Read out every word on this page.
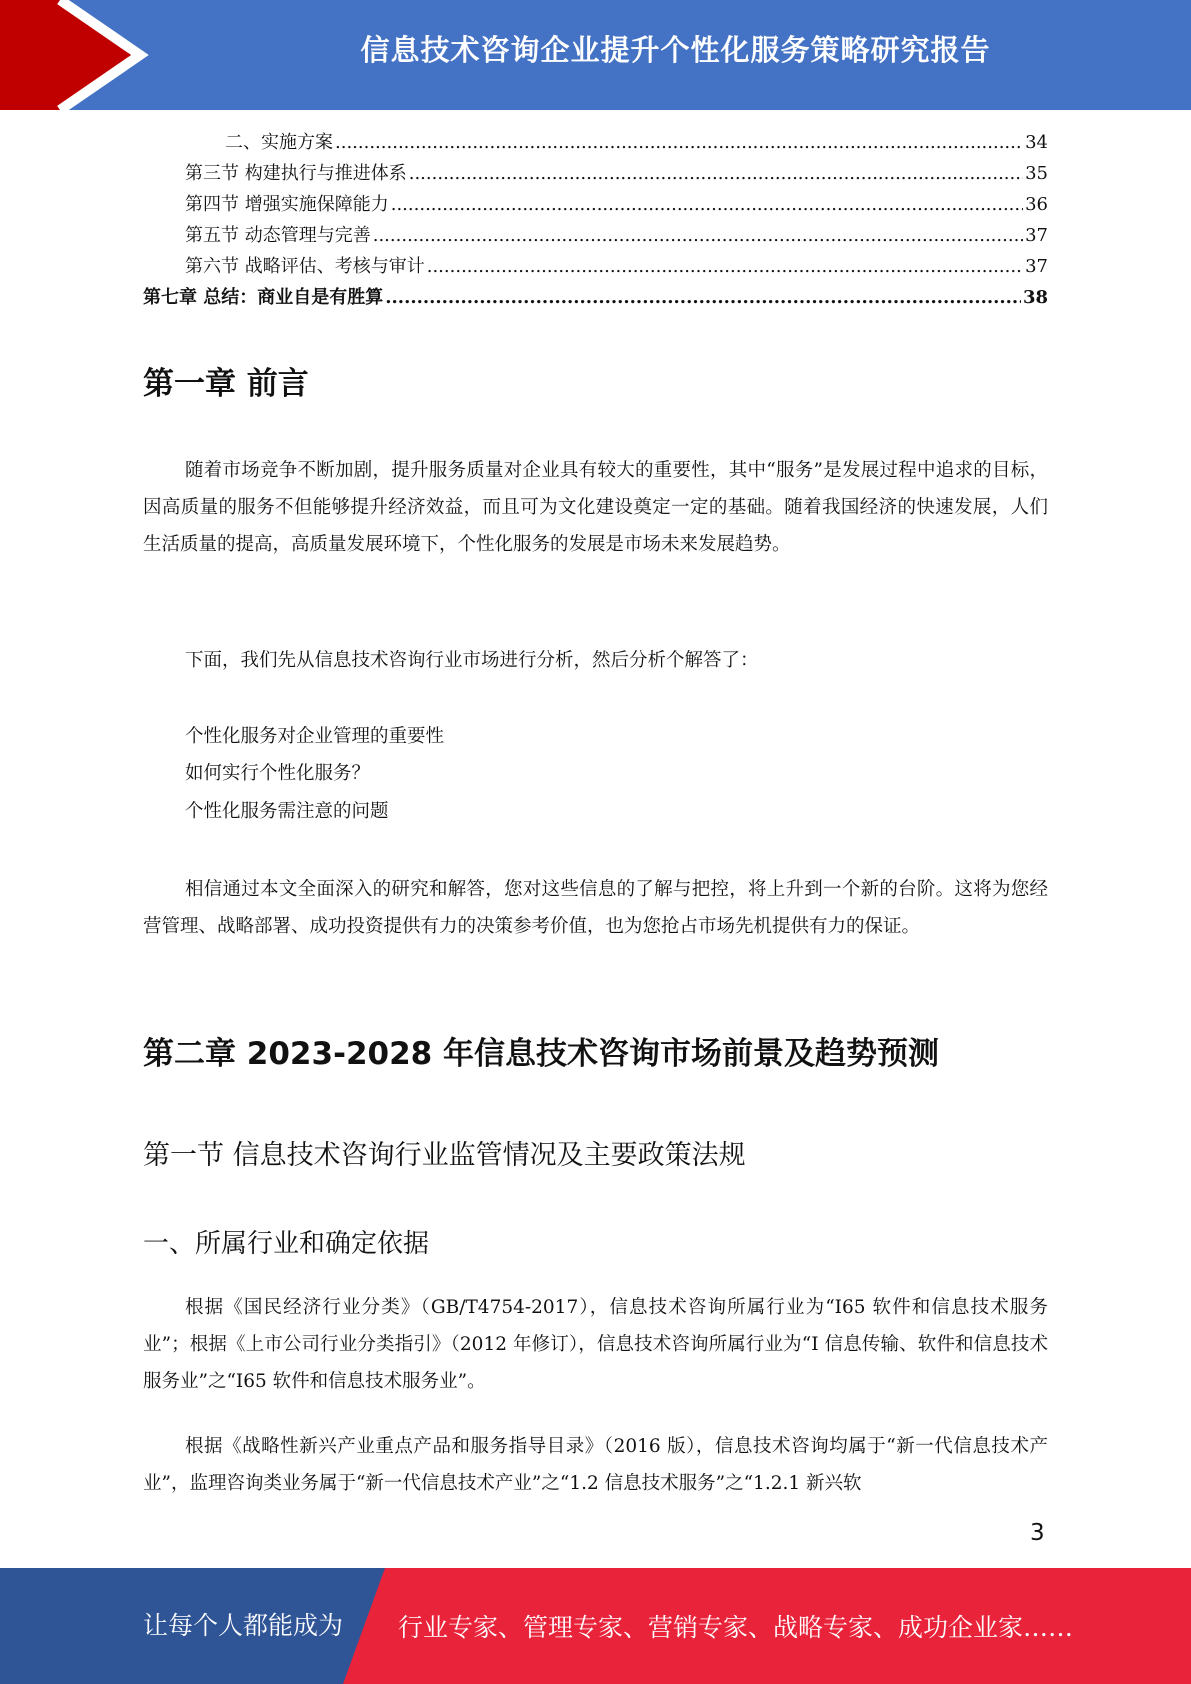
信息技术咨询企业提升个性化服务策略研究报告
二、实施方案 .....	34
第三节 构建执行与推进体系 .....	35
第四节 增强实施保障能力 .....	36
第五节 动态管理与完善 .....	37
第六节 战略评估、考核与审计 .....	37
第七章 总结：商业自是有胜算 .....	38
第一章 前言
随着市场竞争不断加剧，提升服务质量对企业具有较大的重要性，其中“服务”是发展过程中追求的目标，因高质量的服务不但能够提升经济效益，而且可为文化建设奠定一定的基础。随着我国经济的快速发展，人们生活质量的提高，高质量发展环境下，个性化服务的发展是市场未来发展趋势。
下面，我们先从信息技术咨询行业市场进行分析，然后分析个解答了：
个性化服务对企业管理的重要性
如何实行个性化服务？
个性化服务需注意的问题
相信通过本文全面深入的研究和解答，您对这些信息的了解与把控，将上升到一个新的台阶。这将为您经营管理、战略部署、成功投资提供有力的决策参考价值，也为您抢占市场先机提供有力的保证。
第二章 2023-2028 年信息技术咨询市场前景及趋势预测
第一节 信息技术咨询行业监管情况及主要政策法规
一、所属行业和确定依据
根据《国民经济行业分类》（GB/T4754-2017），信息技术咨询所属行业为“I65 软件和信息技术服务业”；根据《上市公司行业分类指引》（2012 年修订），信息技术咨询所属行业为“I 信息传输、软件和信息技术服务业”之“I65 软件和信息技术服务业”。
根据《战略性新兴产业重点产品和服务指导目录》（2016 版），信息技术咨询均属于“新一代信息技术产业”，监理咨询类业务属于“新一代信息技术产业”之“1.2 信息技术服务”之“1.2.1 新兴软
3
让每个人都能成为 行业专家、管理专家、营销专家、战略专家、成功企业家……
